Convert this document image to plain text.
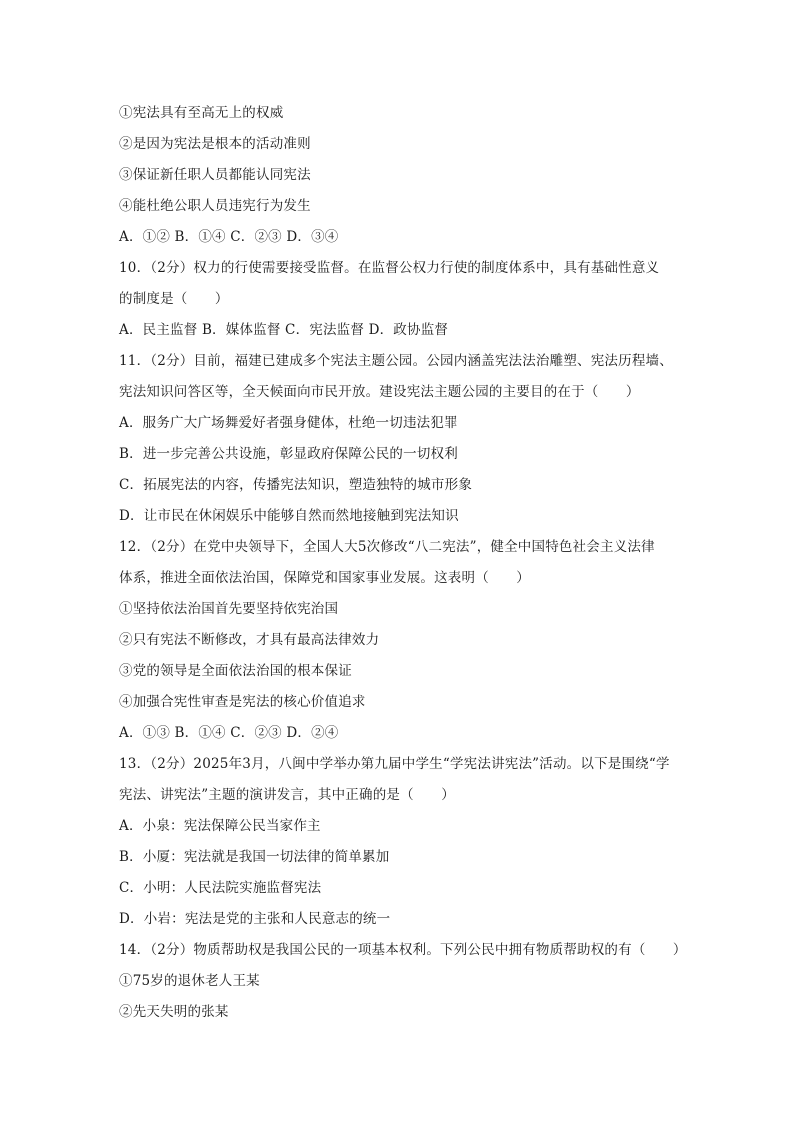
①宪法具有至高无上的权威
②是因为宪法是根本的活动准则
③保证新任职人员都能认同宪法
④能杜绝公职人员违宪行为发生
A．①② B．①④ C．②③ D．③④
10．（2分）权力的行使需要接受监督。在监督公权力行使的制度体系中，具有基础性意义
的制度是（　　）
A．民主监督 B．媒体监督 C．宪法监督 D．政协监督
11．（2分）目前，福建已建成多个宪法主题公园。公园内涵盖宪法法治雕塑、宪法历程墙、
宪法知识问答区等，全天候面向市民开放。建设宪法主题公园的主要目的在于（　　）
A．服务广大广场舞爱好者强身健体，杜绝一切违法犯罪
B．进一步完善公共设施，彰显政府保障公民的一切权利
C．拓展宪法的内容，传播宪法知识，塑造独特的城市形象
D．让市民在休闲娱乐中能够自然而然地接触到宪法知识
12．（2分）在党中央领导下，全国人大5次修改“八二宪法”，健全中国特色社会主义法律
体系，推进全面依法治国，保障党和国家事业发展。这表明（　　）
①坚持依法治国首先要坚持依宪治国
②只有宪法不断修改，才具有最高法律效力
③党的领导是全面依法治国的根本保证
④加强合宪性审查是宪法的核心价值追求
A．①③ B．①④ C．②③ D．②④
13．（2分）2025年3月，八闽中学举办第九届中学生“学宪法讲宪法”活动。以下是围绕“学
宪法、讲宪法”主题的演讲发言，其中正确的是（　　）
A．小泉：宪法保障公民当家作主
B．小厦：宪法就是我国一切法律的简单累加
C．小明：人民法院实施监督宪法
D．小岩：宪法是党的主张和人民意志的统一
14．（2分）物质帮助权是我国公民的一项基本权利。下列公民中拥有物质帮助权的有（　　）
①75岁的退休老人王某
②先天失明的张某
